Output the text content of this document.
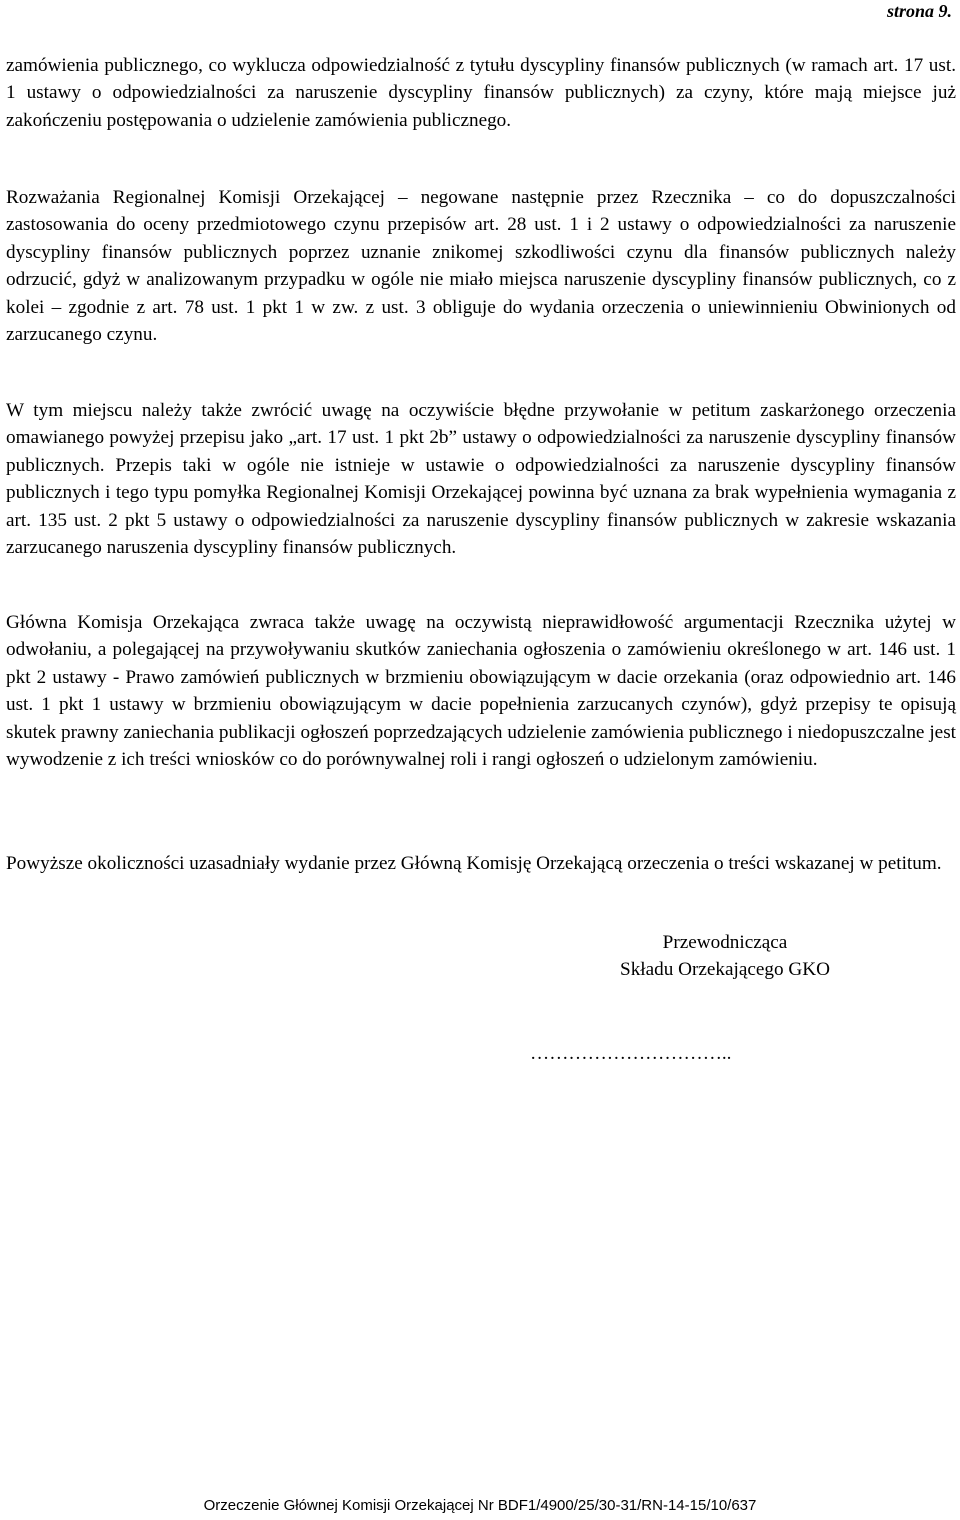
strona 9.

zamówienia publicznego, co wyklucza odpowiedzialność z tytułu dyscypliny finansów publicznych (w ramach art. 17 ust. 1 ustawy o odpowiedzialności za naruszenie dyscypliny finansów publicznych) za czyny, które mają miejsce już zakończeniu postępowania o udzielenie zamówienia publicznego.

Rozważania Regionalnej Komisji Orzekającej – negowane następnie przez Rzecznika – co do dopuszczalności zastosowania do oceny przedmiotowego czynu przepisów art. 28 ust. 1 i 2 ustawy o odpowiedzialności za naruszenie dyscypliny finansów publicznych poprzez uznanie znikomej szkodliwości czynu dla finansów publicznych należy odrzucić, gdyż w analizowanym przypadku w ogóle nie miało miejsca naruszenie dyscypliny finansów publicznych, co z kolei – zgodnie z art. 78 ust. 1 pkt 1 w zw. z ust. 3 obliguje do wydania orzeczenia o uniewinnieniu Obwinionych od zarzucanego czynu.

W tym miejscu należy także zwrócić uwagę na oczywiście błędne przywołanie w petitum zaskarżonego orzeczenia omawianego powyżej przepisu jako „art. 17 ust. 1 pkt 2b” ustawy o odpowiedzialności za naruszenie dyscypliny finansów publicznych. Przepis taki w ogóle nie istnieje w ustawie o odpowiedzialności za naruszenie dyscypliny finansów publicznych i tego typu pomyłka Regionalnej Komisji Orzekającej powinna być uznana za brak wypełnienia wymagania z art. 135 ust. 2 pkt 5 ustawy o odpowiedzialności za naruszenie dyscypliny finansów publicznych w zakresie wskazania zarzucanego naruszenia dyscypliny finansów publicznych.

Główna Komisja Orzekająca zwraca także uwagę na oczywistą nieprawidłowość argumentacji Rzecznika użytej w odwołaniu, a polegającej na przywoływaniu skutków zaniechania ogłoszenia o zamówieniu określonego w art. 146 ust. 1 pkt 2 ustawy - Prawo zamówień publicznych w brzmieniu obowiązującym w dacie orzekania (oraz odpowiednio art. 146 ust. 1 pkt 1 ustawy w brzmieniu obowiązującym w dacie popełnienia zarzucanych czynów), gdyż przepisy te opisują skutek prawny zaniechania publikacji ogłoszeń poprzedzających udzielenie zamówienia publicznego i niedopuszczalne jest wywodzenie z ich treści wniosków co do porównywalnej roli i rangi ogłoszeń o udzielonym zamówieniu.

Powyższe okoliczności uzasadniały wydanie przez Główną Komisję Orzekającą orzeczenia o treści wskazanej w petitum.

Przewodnicząca
Składu Orzekającego GKO
…………………………..
Orzeczenie Głównej Komisji Orzekającej Nr BDF1/4900/25/30-31/RN-14-15/10/637
